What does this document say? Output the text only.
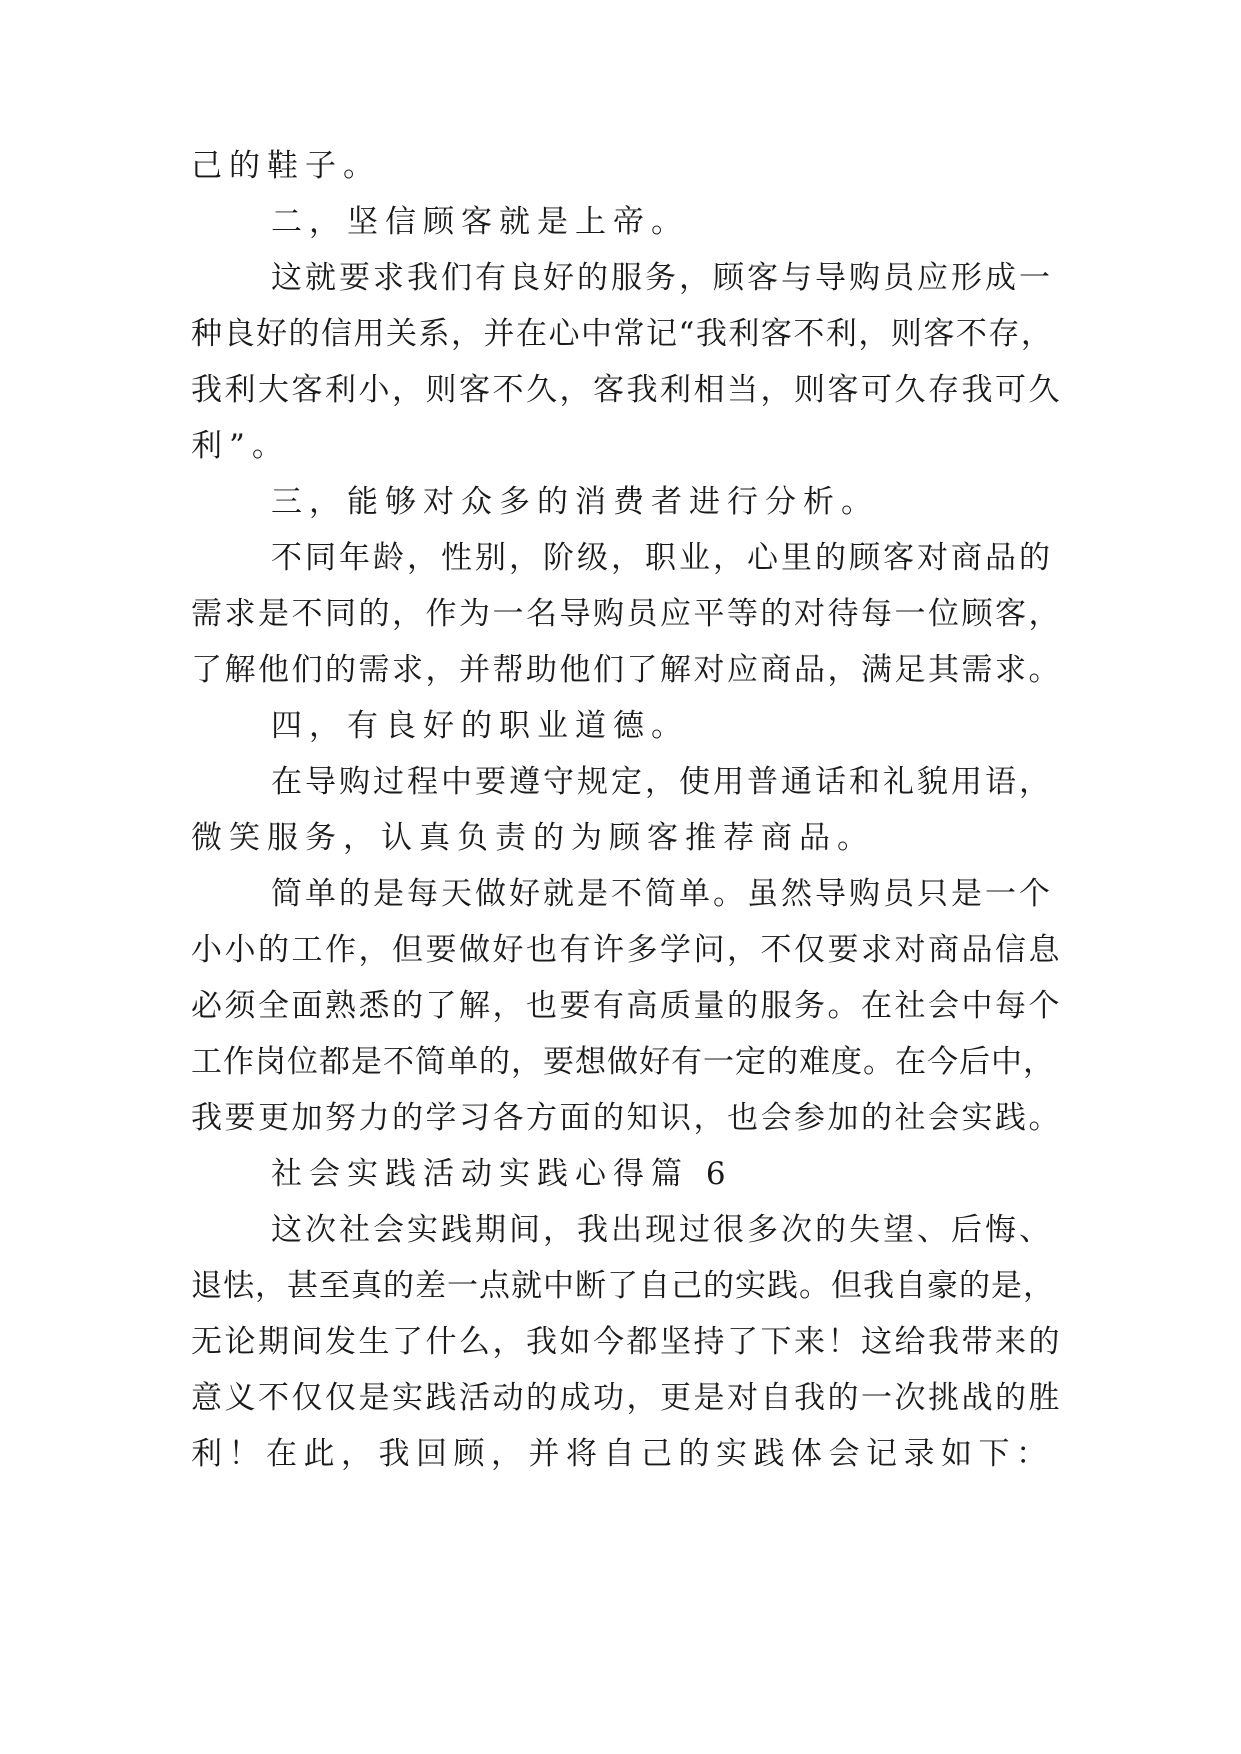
己的鞋子。
二，坚信顾客就是上帝。
这就要求我们有良好的服务，顾客与导购员应形成一
种良好的信用关系，并在心中常记“我利客不利，则客不存，
我利大客利小，则客不久，客我利相当，则客可久存我可久
利”。
三，能够对众多的消费者进行分析。
不同年龄，性别，阶级，职业，心里的顾客对商品的
需求是不同的，作为一名导购员应平等的对待每一位顾客，
了解他们的需求，并帮助他们了解对应商品，满足其需求。
四，有良好的职业道德。
在导购过程中要遵守规定，使用普通话和礼貌用语，
微笑服务，认真负责的为顾客推荐商品。
简单的是每天做好就是不简单。虽然导购员只是一个
小小的工作，但要做好也有许多学问，不仅要求对商品信息
必须全面熟悉的了解，也要有高质量的服务。在社会中每个
工作岗位都是不简单的，要想做好有一定的难度。在今后中，
我要更加努力的学习各方面的知识，也会参加的社会实践。
社会实践活动实践心得篇 6
这次社会实践期间，我出现过很多次的失望、后悔、
退怯，甚至真的差一点就中断了自己的实践。但我自豪的是，
无论期间发生了什么，我如今都坚持了下来！这给我带来的
意义不仅仅是实践活动的成功，更是对自我的一次挑战的胜
利！在此，我回顾，并将自己的实践体会记录如下：
